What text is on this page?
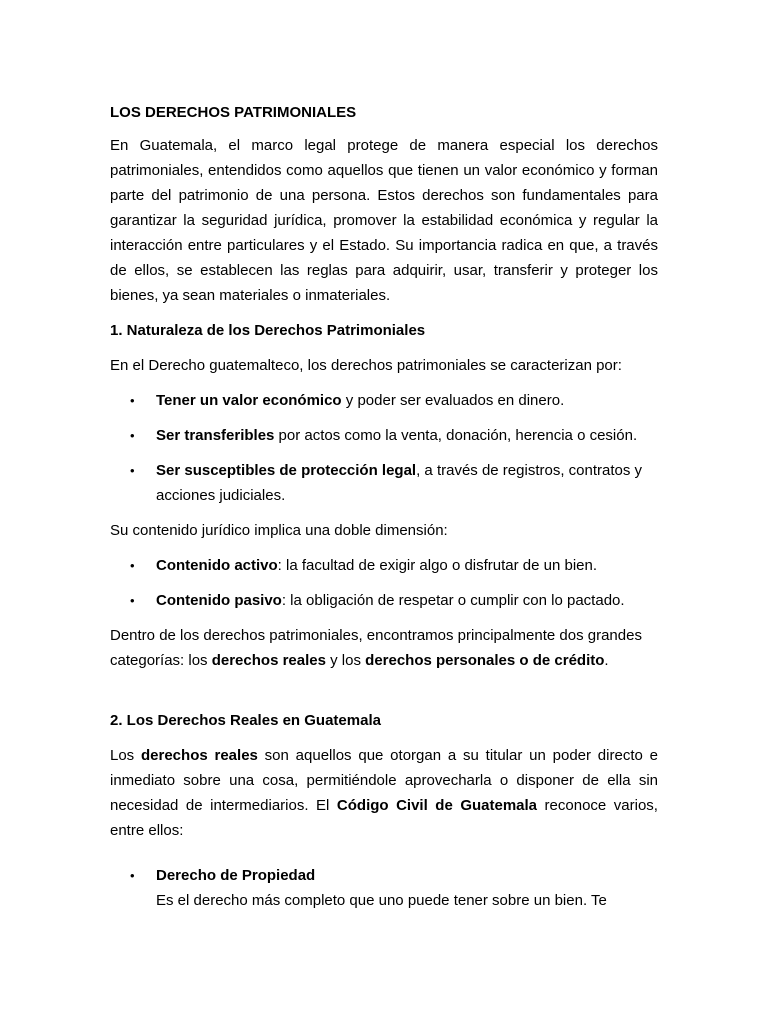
LOS DERECHOS PATRIMONIALES

En Guatemala, el marco legal protege de manera especial los derechos patrimoniales, entendidos como aquellos que tienen un valor económico y forman parte del patrimonio de una persona. Estos derechos son fundamentales para garantizar la seguridad jurídica, promover la estabilidad económica y regular la interacción entre particulares y el Estado. Su importancia radica en que, a través de ellos, se establecen las reglas para adquirir, usar, transferir y proteger los bienes, ya sean materiales o inmateriales.

1. Naturaleza de los Derechos Patrimoniales

En el Derecho guatemalteco, los derechos patrimoniales se caracterizan por:

• Tener un valor económico y poder ser evaluados en dinero.
• Ser transferibles por actos como la venta, donación, herencia o cesión.
• Ser susceptibles de protección legal, a través de registros, contratos y acciones judiciales.

Su contenido jurídico implica una doble dimensión:

• Contenido activo: la facultad de exigir algo o disfrutar de un bien.
• Contenido pasivo: la obligación de respetar o cumplir con lo pactado.

Dentro de los derechos patrimoniales, encontramos principalmente dos grandes categorías: los derechos reales y los derechos personales o de crédito.

2. Los Derechos Reales en Guatemala

Los derechos reales son aquellos que otorgan a su titular un poder directo e inmediato sobre una cosa, permitiéndole aprovecharla o disponer de ella sin necesidad de intermediarios. El Código Civil de Guatemala reconoce varios, entre ellos:

• Derecho de Propiedad
Es el derecho más completo que uno puede tener sobre un bien. Te
